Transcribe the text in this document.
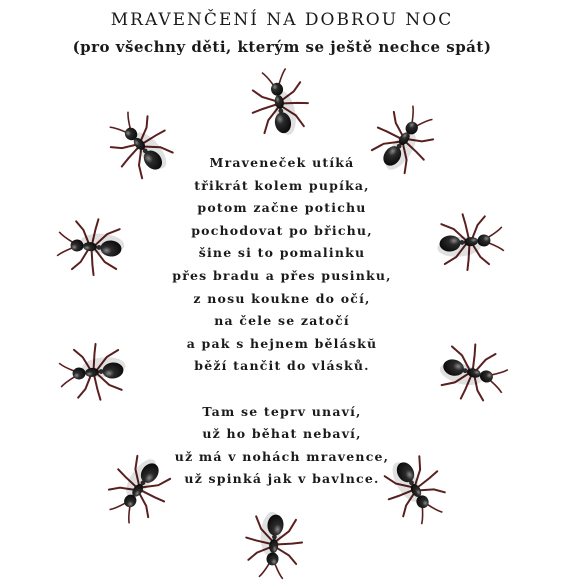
MRAVENČENÍ NA DOBROU NOC
(pro všechny děti, kterým se ještě nechce spát)
Mraveneček utíká
třikrát kolem pupíka,
potom začne potichu
pochodovat po břichu,
šine si to pomalinku
přes bradu a přes pusinku,
z nosu koukne do očí,
na čele se zatočí
a pak s hejnem běláskŭ
běží tančit do vlásků.
Tam se teprv unaví,
už ho běhat nebaví,
už má v nohách mravence,
už spinká jak v bavlnce.
